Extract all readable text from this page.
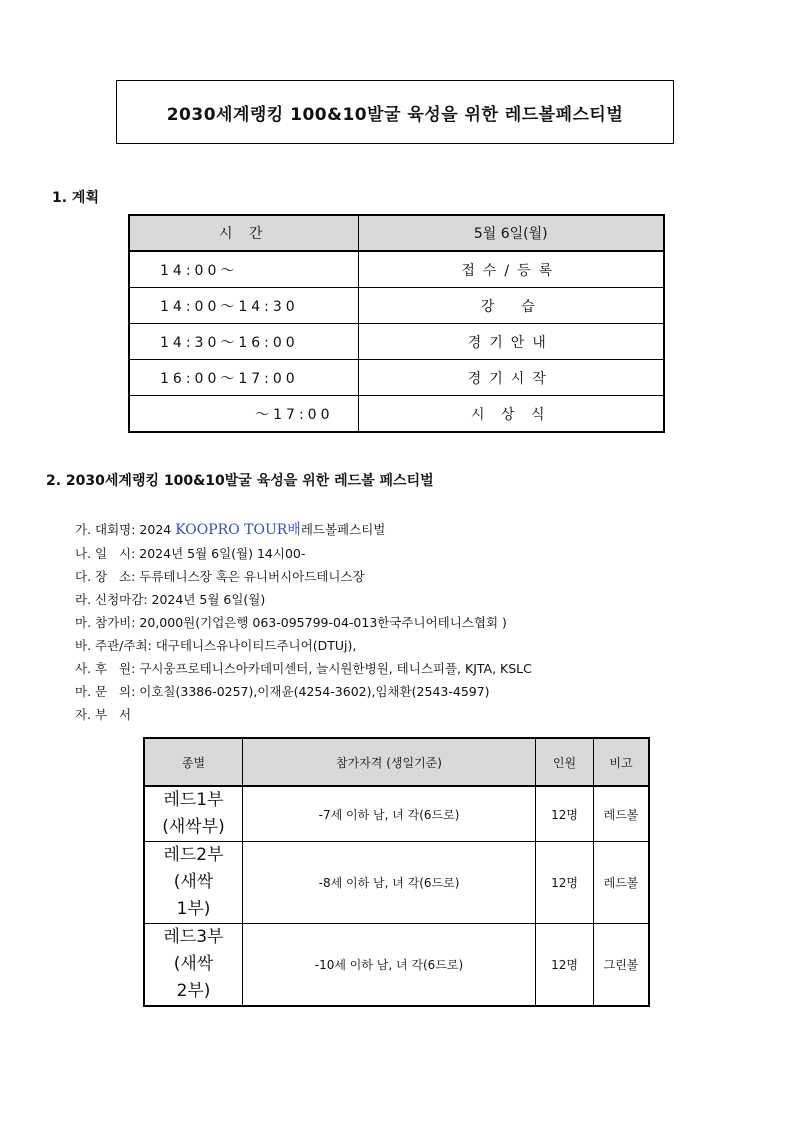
2030세계랭킹 100&10발굴 육성을 위한 레드볼페스티벌
1. 계획
시 간	5월 6일(월)
14:00～	접수/등록
14:00～14:30	강  습
14:30～16:00	경기안내
16:00～17:00	경기시작
～17:00	시 상 식
2. 2030세계랭킹 100&10발굴 육성을 위한 레드볼 페스티벌
가. 대회명: 2024 KOOPRO TOUR배레드볼페스티벌
나. 일   시: 2024년 5월 6일(월) 14시00-
다. 장   소: 두류테니스장 혹은 유니버시아드테니스장
라. 신청마감: 2024년 5월 6일(월)
마. 참가비: 20,000원(기업은행 063-095799-04-013한국주니어테니스협회 )
바. 주관/주최: 대구테니스유나이티드주니어(DTUj),
사. 후   원: 구시웅프로테니스아카데미센터, 늘시원한병원, 테니스피플, KJTA, KSLC
마. 문   의: 이호칠(3386-0257),이재윤(4254-3602),임채환(2543-4597)
자. 부   서
종별	참가자격 (생일기준)	인원	비고
레드1부
(새싹부)	-7세 이하 남, 녀 각(6드로)	12명	레드볼
레드2부
(새싹
1부)	-8세 이하 남, 녀 각(6드로)	12명	레드볼
레드3부
(새싹
2부)	-10세 이하 남, 녀 각(6드로)	12명	그린볼
